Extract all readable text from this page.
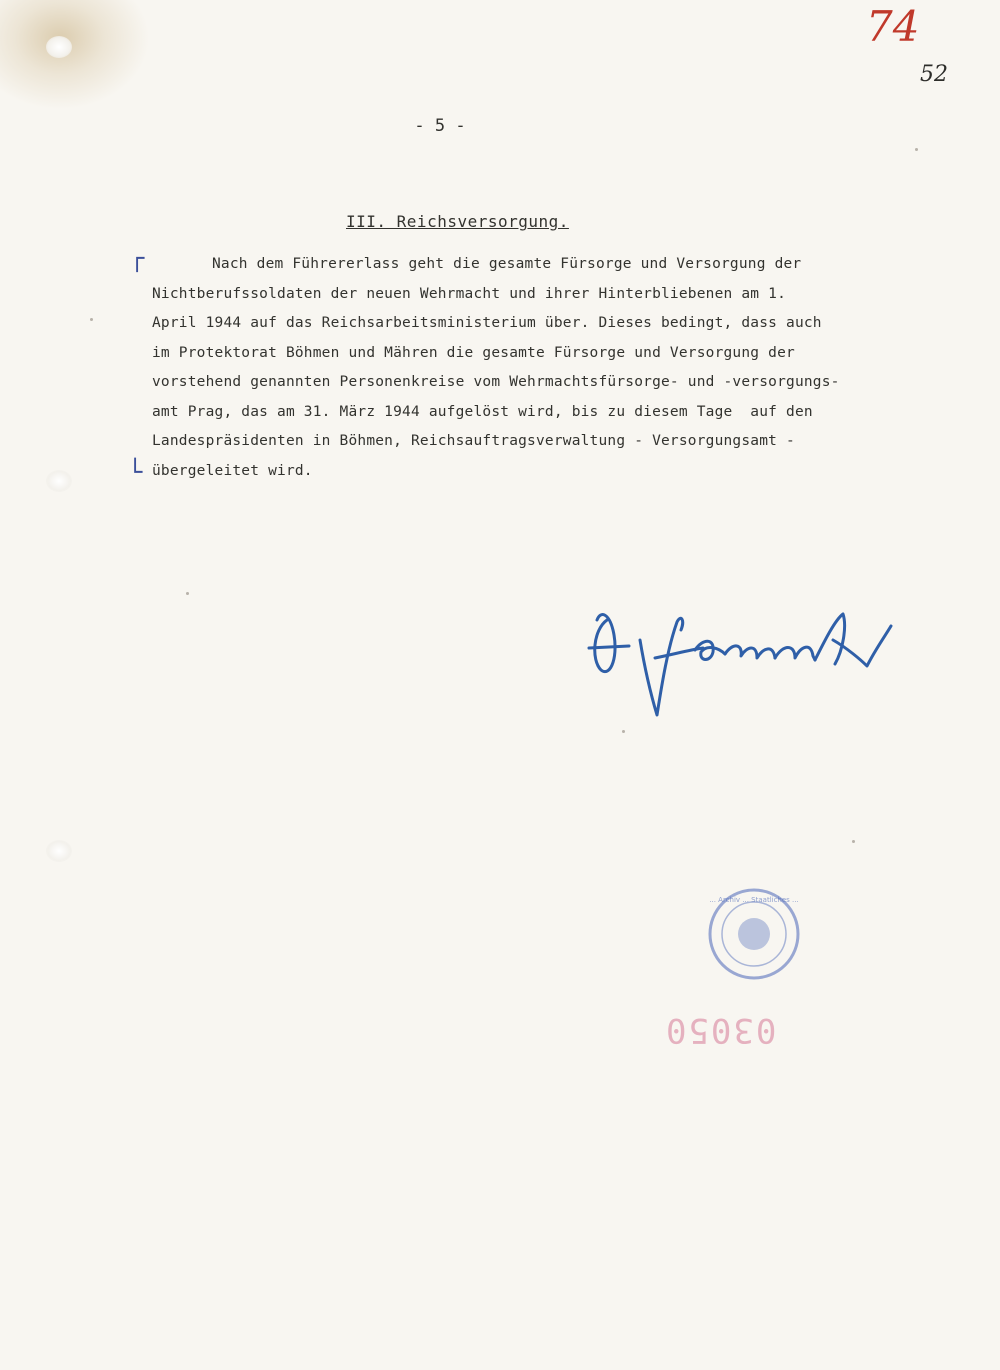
74
52
- 5 -
III. Reichsversorgung.
┌
└
Nach dem Führererlass geht die gesamte Fürsorge und Versorgung der
Nichtberufssoldaten der neuen Wehrmacht und ihrer Hinterbliebenen am 1.
April 1944 auf das Reichsarbeitsministerium über. Dieses bedingt, dass auch
im Protektorat Böhmen und Mähren die gesamte Fürsorge und Versorgung der
vorstehend genannten Personenkreise vom Wehrmachtsfürsorge- und -versorgungs-
amt Prag, das am 31. März 1944 aufgelöst wird, bis zu diesem Tage  auf den
Landespräsidenten in Böhmen, Reichsauftragsverwaltung - Versorgungsamt -
übergeleitet wird.
... Archiv ... Staatliches ...
03050
